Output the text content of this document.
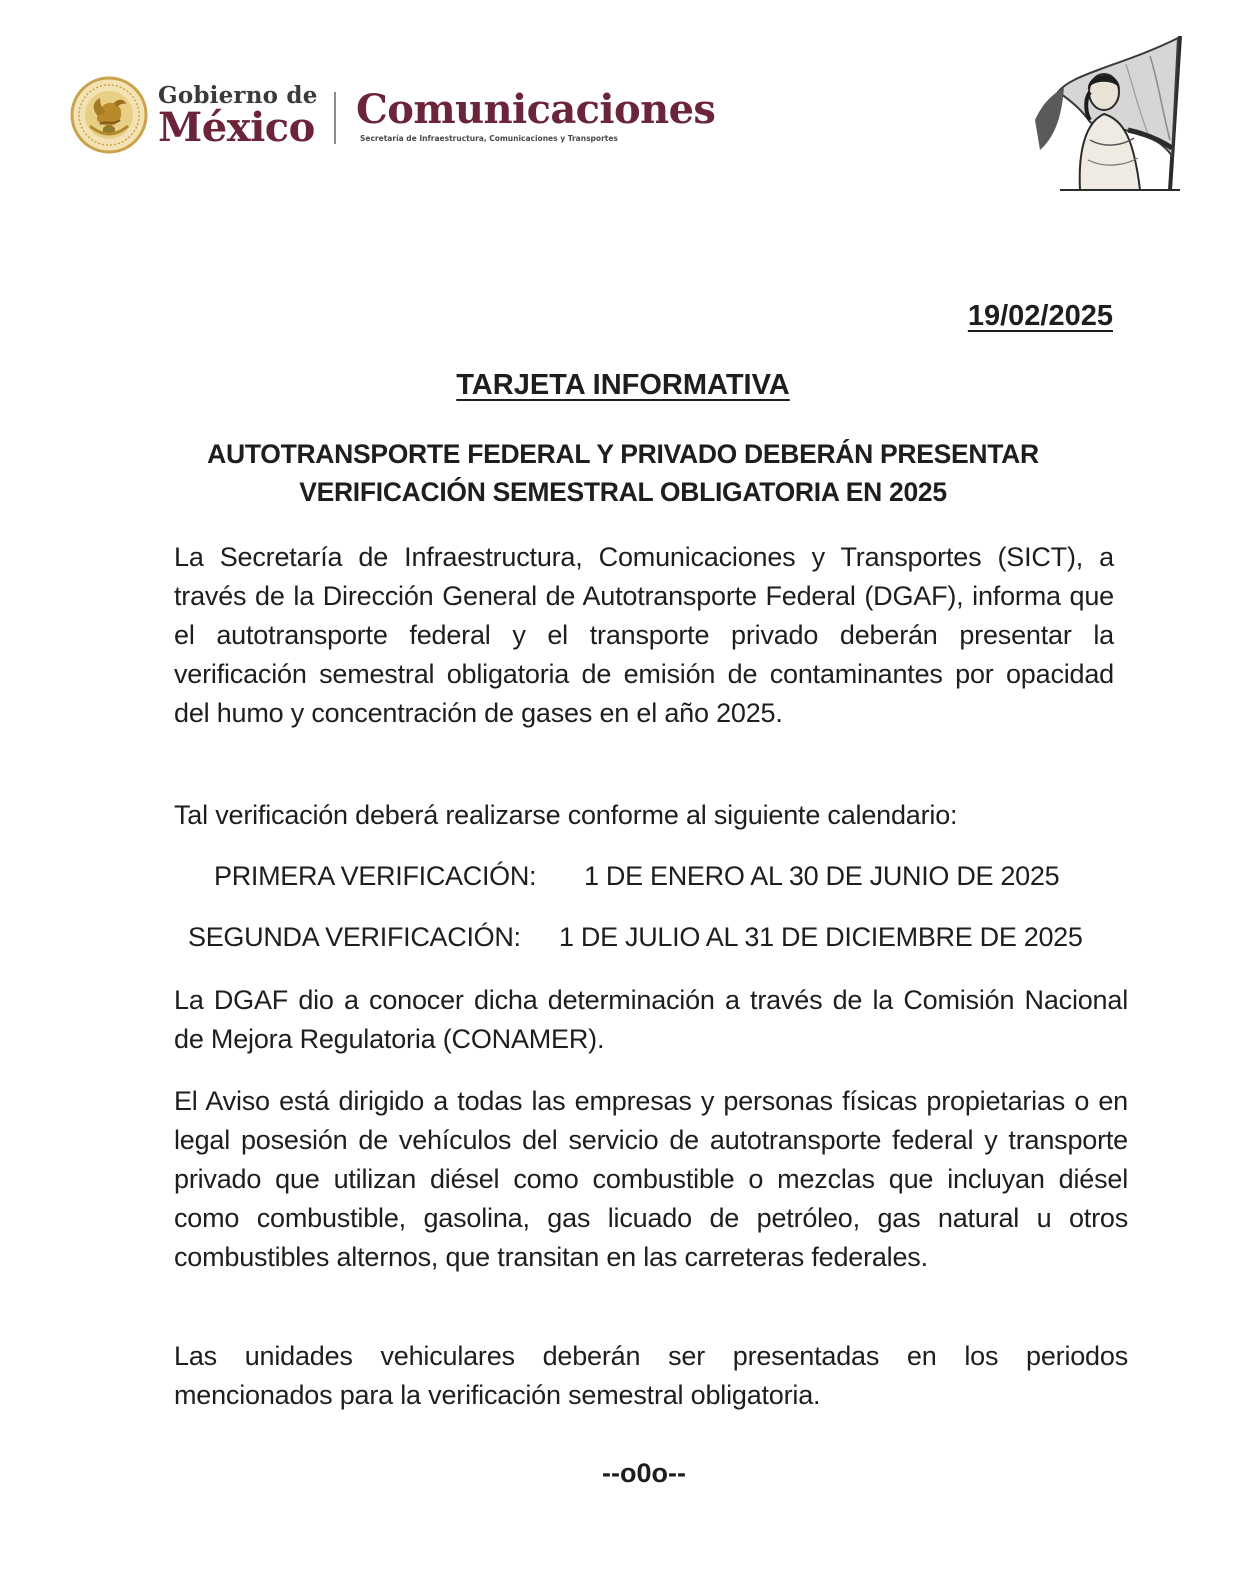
Gobierno de
México Comunicaciones
Secretaría de Infraestructura, Comunicaciones y Transportes
19/02/2025
TARJETA INFORMATIVA
AUTOTRANSPORTE FEDERAL Y PRIVADO DEBERÁN PRESENTAR
VERIFICACIÓN SEMESTRAL OBLIGATORIA EN 2025

La Secretaría de Infraestructura, Comunicaciones y Transportes (SICT), a través de la Dirección General de Autotransporte Federal (DGAF), informa que el autotransporte federal y el transporte privado deberán presentar la verificación semestral obligatoria de emisión de contaminantes por opacidad del humo y concentración de gases en el año 2025.

Tal verificación deberá realizarse conforme al siguiente calendario:

PRIMERA VERIFICACIÓN: 1 DE ENERO AL 30 DE JUNIO DE 2025
SEGUNDA VERIFICACIÓN: 1 DE JULIO AL 31 DE DICIEMBRE DE 2025

La DGAF dio a conocer dicha determinación a través de la Comisión Nacional de Mejora Regulatoria (CONAMER).

El Aviso está dirigido a todas las empresas y personas físicas propietarias o en legal posesión de vehículos del servicio de autotransporte federal y transporte privado que utilizan diésel como combustible o mezclas que incluyan diésel como combustible, gasolina, gas licuado de petróleo, gas natural u otros combustibles alternos, que transitan en las carreteras federales.

Las unidades vehiculares deberán ser presentadas en los periodos mencionados para la verificación semestral obligatoria.

--o0o--
